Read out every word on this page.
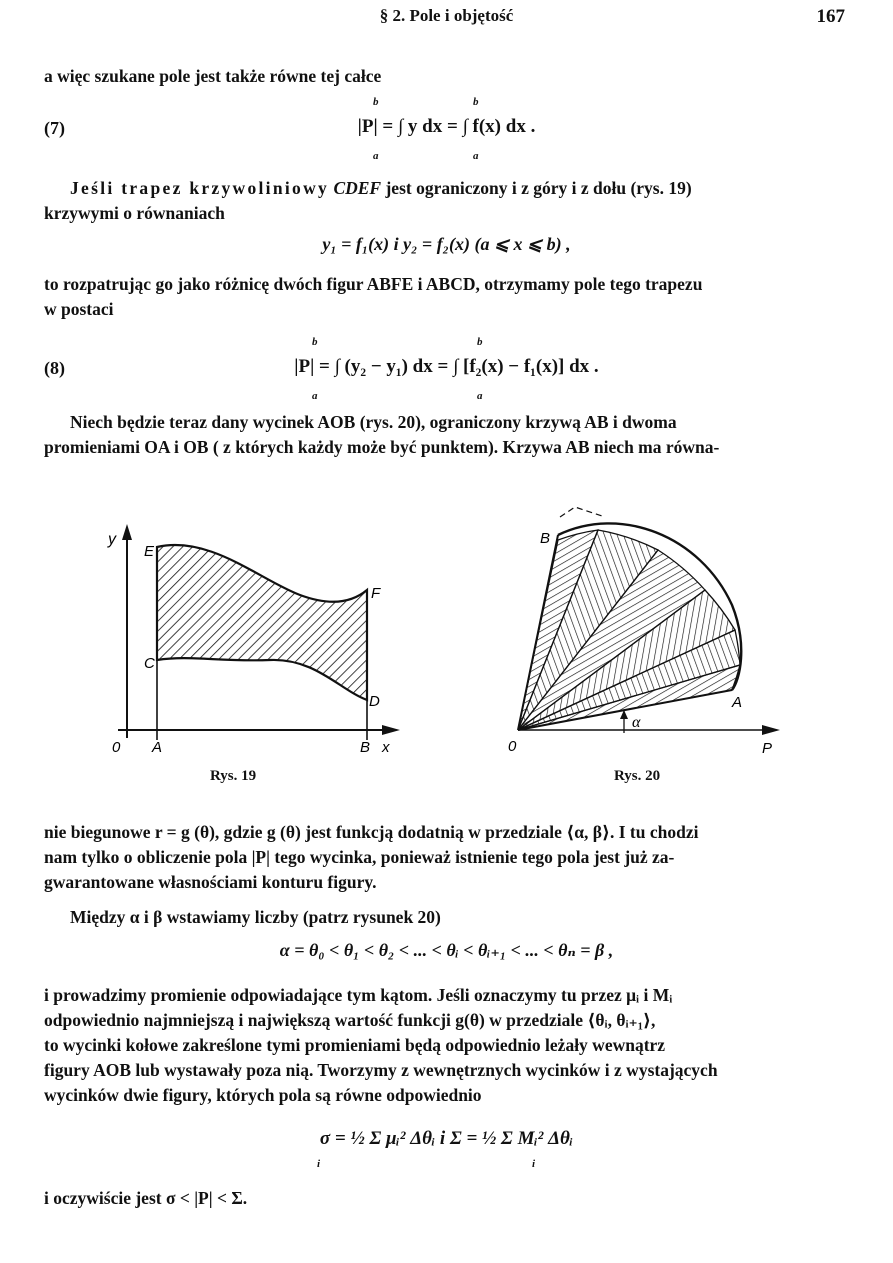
§ 2. Pole i objętość	167
a więc szukane pole jest także równe tej całce
(7)	|P| = ∫ y dx = ∫ f(x) dx .
b
a
b
a
Jeśli trapez krzywoliniowy CDEF jest ograniczony i z góry i z dołu (rys. 19)
krzywymi o równaniach
y₁ = f₁(x) i y₂ = f₂(x) (a ⩽ x ⩽ b) ,
to rozpatrując go jako różnicę dwóch figur ABFE i ABCD, otrzymamy pole tego trapezu
w postaci
(8)	|P| = ∫ (y₂ − y₁) dx = ∫ [f₂(x) − f₁(x)] dx .
b
a
b
a
Niech będzie teraz dany wycinek AOB (rys. 20), ograniczony krzywą AB i dwoma
promieniami OA i OB ( z których każdy może być punktem). Krzywa AB niech ma równa-
y
E
F
C
D
0 A	B x
Rys. 19
B
A
0	P
α
Rys. 20
nie biegunowe r = g (θ), gdzie g (θ) jest funkcją dodatnią w przedziale ⟨α, β⟩. I tu chodzi
nam tylko o obliczenie pola |P| tego wycinka, ponieważ istnienie tego pola jest już za-
gwarantowane własnościami konturu figury.
Między α i β wstawiamy liczby (patrz rysunek 20)
α = θ₀ < θ₁ < θ₂ < ... < θᵢ < θᵢ₊₁ < ... < θₙ = β ,
i prowadzimy promienie odpowiadające tym kątom. Jeśli oznaczymy tu przez μᵢ i Mᵢ
odpowiednio najmniejszą i największą wartość funkcji g(θ) w przedziale ⟨θᵢ, θᵢ₊₁⟩,
to wycinki kołowe zakreślone tymi promieniami będą odpowiednio leżały wewnątrz
figury AOB lub wystawały poza nią. Tworzymy z wewnętrznych wycinków i z wystających
wycinków dwie figury, których pola są równe odpowiednio
σ = ½ Σ μᵢ² Δθᵢ i Σ = ½ Σ Mᵢ² Δθᵢ
i	i
i oczywiście jest σ < |P| < Σ.
